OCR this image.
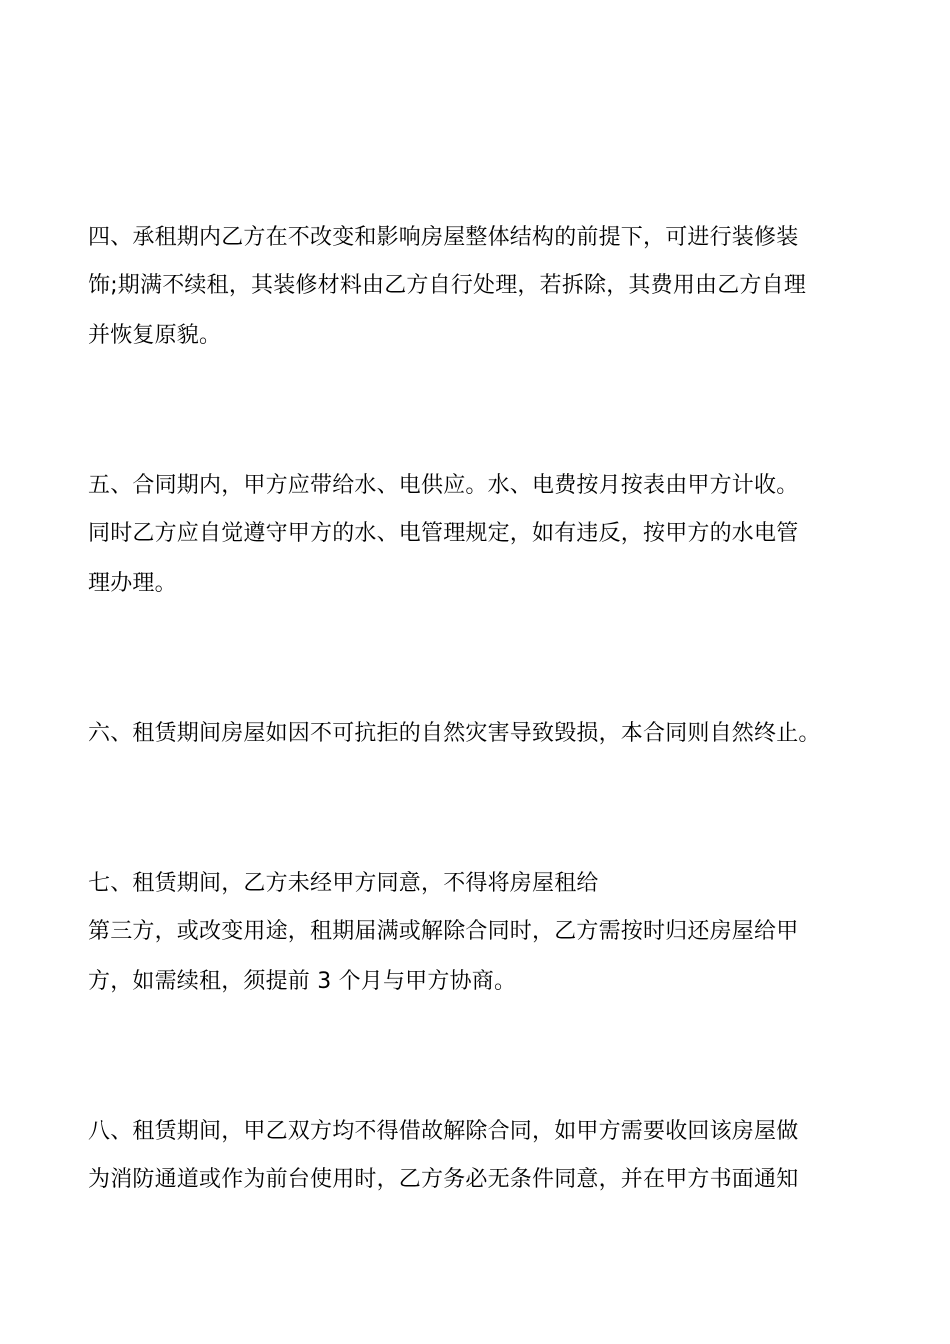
四、承租期内乙方在不改变和影响房屋整体结构的前提下，可进行装修装
饰;期满不续租，其装修材料由乙方自行处理，若拆除，其费用由乙方自理
并恢复原貌。
五、合同期内，甲方应带给水、电供应。水、电费按月按表由甲方计收。
同时乙方应自觉遵守甲方的水、电管理规定，如有违反，按甲方的水电管
理办理。
六、租赁期间房屋如因不可抗拒的自然灾害导致毁损，本合同则自然终止。
七、租赁期间，乙方未经甲方同意，不得将房屋租给
第三方，或改变用途，租期届满或解除合同时，乙方需按时归还房屋给甲
方，如需续租，须提前 3 个月与甲方协商。
八、租赁期间，甲乙双方均不得借故解除合同，如甲方需要收回该房屋做
为消防通道或作为前台使用时，乙方务必无条件同意，并在甲方书面通知
